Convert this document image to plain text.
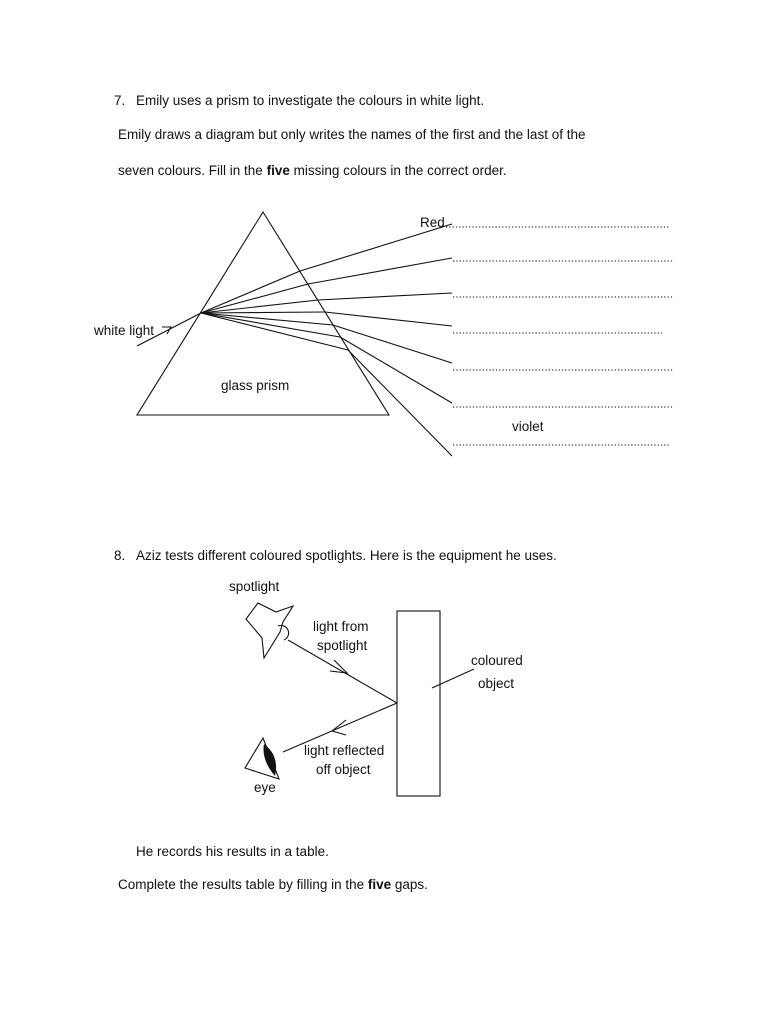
7. Emily uses a prism to investigate the colours in white light.
Emily draws a diagram but only writes the names of the first and the last of the
seven colours. Fill in the five missing colours in the correct order.
white light
glass prism
Red
violet
8. Aziz tests different coloured spotlights. Here is the equipment he uses.
spotlight
light from
spotlight
coloured
object
light reflected
off object
eye
He records his results in a table.
Complete the results table by filling in the five gaps.
